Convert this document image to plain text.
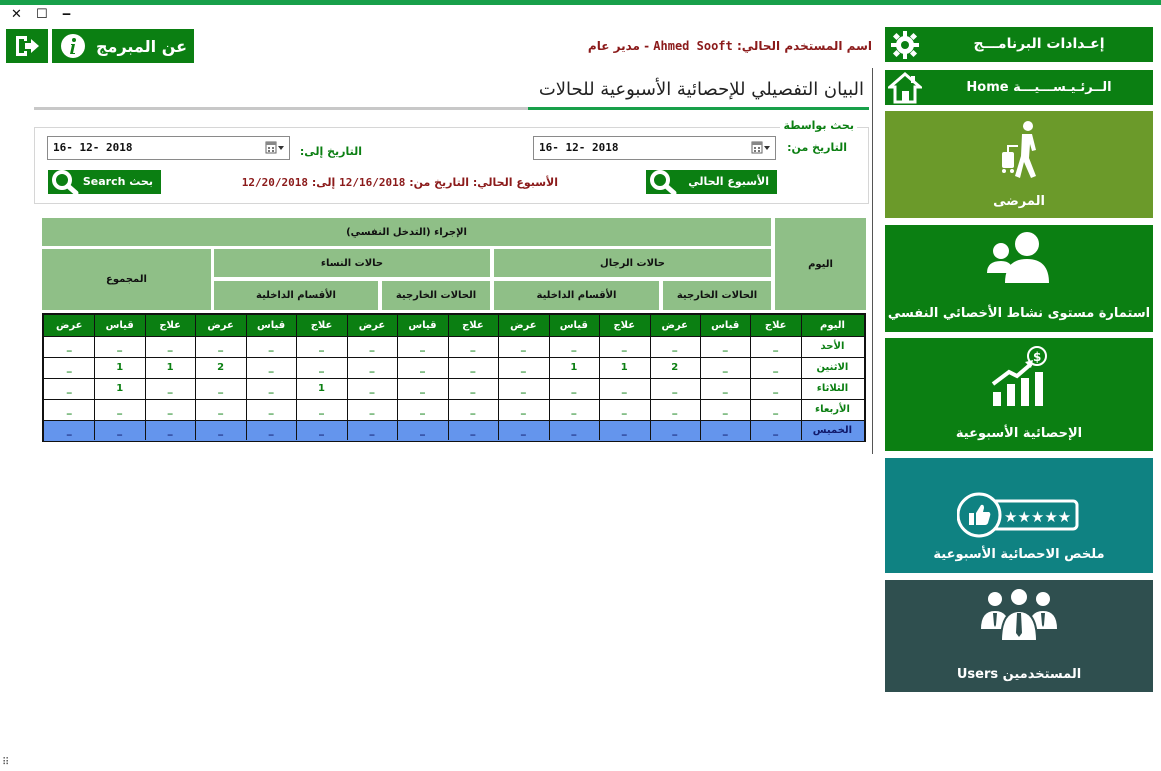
✕ ☐ ‒
عن المبرمج	اسم المستخدم الحالي: Ahmed Sooft - مدير عام
البيان التفصيلي للإحصائية الأسبوعية للحالات
بحث بواسطة
التاريخ من:
16- 12- 2018
التاريخ إلى:
16- 12- 2018
الأسبوع الحالي
بحث Search	الأسبوع الحالي: التاريخ من: 12/16/2018 إلى: 12/20/2018
الإجراء (التدخل النفسي)
اليوم
المجموع
حالات الرجال
حالات النساء
الحالات الخارجية
الأقسام الداخلية
الحالات الخارجية
الأقسام الداخلية
اليوم
علاج
قياس
عرض
علاج
قياس
عرض
علاج
قياس
عرض
علاج
قياس
عرض
علاج
قياس
عرض
الأحد
_
_
_
_
_
_
_
_
_
_
_
_
_
_
_
الاثنين
_
_
2
1
1
_
_
_
_
_
_
2
1
1
_
الثلاثاء
_
_
_
_
_
_
_
_
_
1
_
_
_
1
_
الأربعاء
_
_
_
_
_
_
_
_
_
_
_
_
_
_
_
الخميس
_
_
_
_
_
_
_
_
_
_
_
_
_
_
_
إعـدادات البرنامـــج
الــرئـيـســـيـــة Home
المرضى
استمارة مستوى نشاط الأخصائي النفسي
$
الإحصائية الأسبوعية
★★★★★
ملخص الاحصائية الأسبوعية
المستخدمين Users
⠿
